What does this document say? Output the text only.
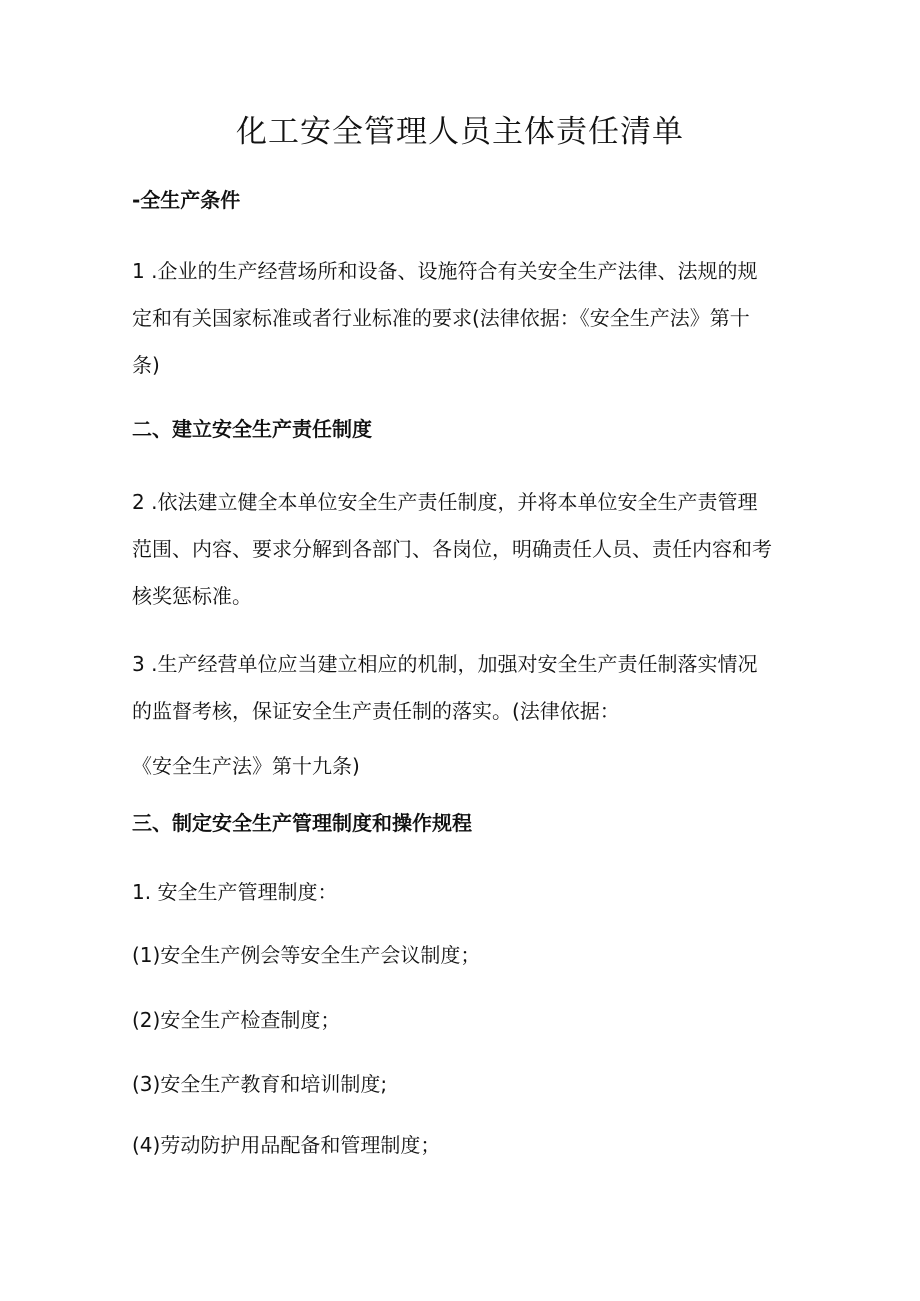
化工安全管理人员主体责任清单
-全生产条件

1 .企业的生产经营场所和设备、设施符合有关安全生产法律、法规的规定和有关国家标准或者行业标准的要求(法律依据：《安全生产法》第十条)

二、建立安全生产责任制度

2 .依法建立健全本单位安全生产责任制度，并将本单位安全生产责管理范围、内容、要求分解到各部门、各岗位，明确责任人员、责任内容和考核奖惩标准。

3 .生产经营单位应当建立相应的机制，加强对安全生产责任制落实情况的监督考核，保证安全生产责任制的落实。(法律依据：

《安全生产法》第十九条)
三、制定安全生产管理制度和操作规程
1. 安全生产管理制度：
(1)安全生产例会等安全生产会议制度；
(2)安全生产检查制度；
(3)安全生产教育和培训制度;
(4)劳动防护用品配备和管理制度；
